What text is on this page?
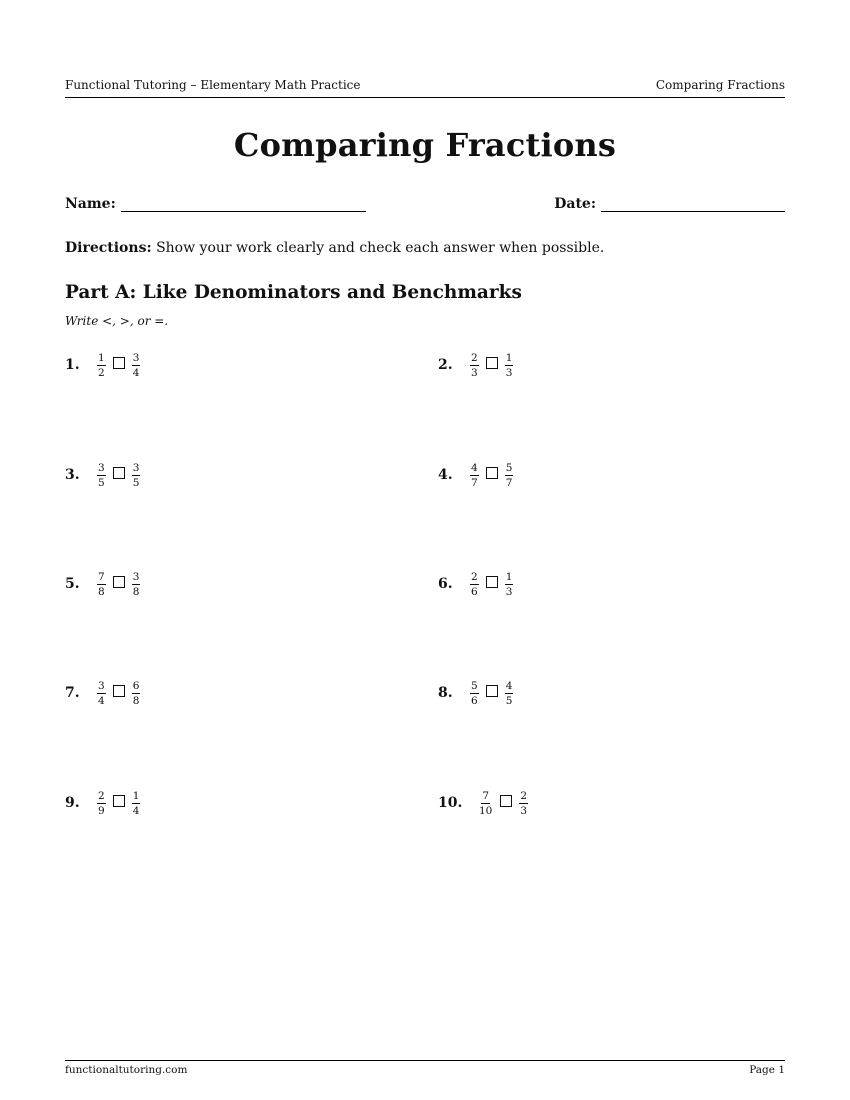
Functional Tutoring – Elementary Math Practice	Comparing Fractions
Comparing Fractions
Name:	Date:
Directions: Show your work clearly and check each answer when possible.
Part A: Like Denominators and Benchmarks
Write <, >, or =.
1.	$\frac{1}{2} \frac{3}{4}$	2.	$\frac{2}{3} \frac{1}{3}$
3.	$\frac{3}{5} \frac{3}{5}$	4.	$\frac{4}{7} \frac{5}{7}$
5.	$\frac{7}{8} \frac{3}{8}$	6.	$\frac{2}{6} \frac{1}{3}$
7.	$\frac{3}{4} \frac{6}{8}$	8.	$\frac{5}{6} \frac{4}{5}$
9.	$\frac{2}{9} \frac{1}{4}$	10.	$\frac{7}{10} \frac{2}{3}$
functionaltutoring.com	Page 1
